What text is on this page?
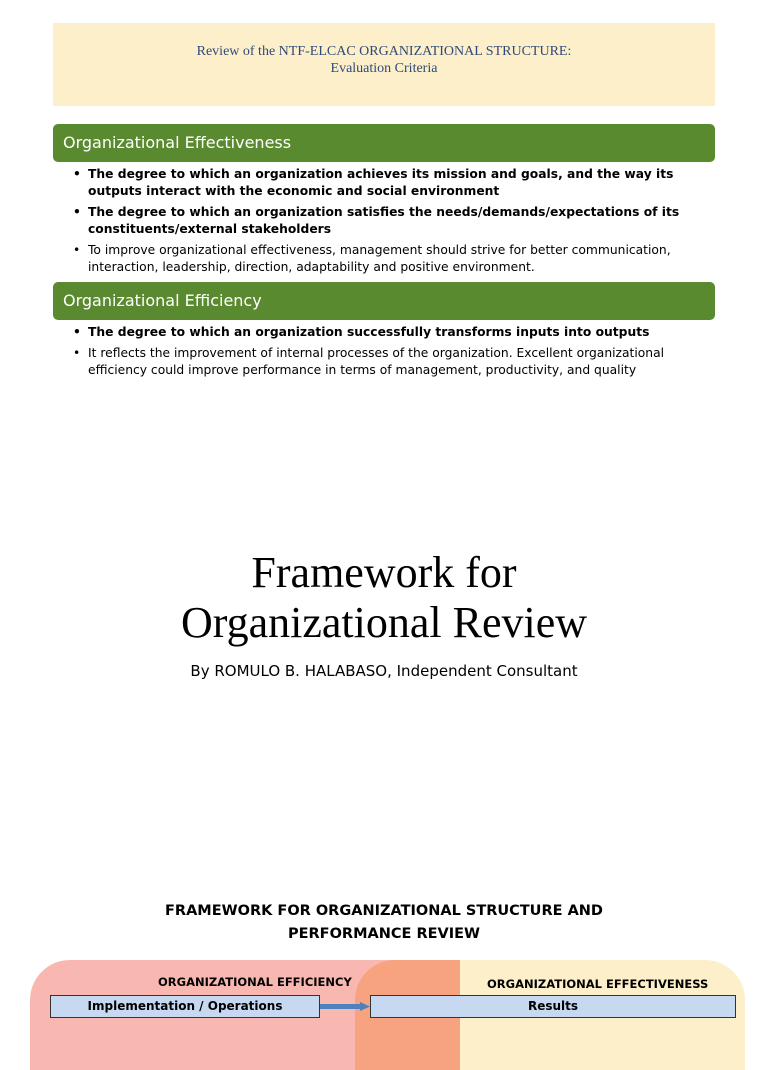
Review of the NTF-ELCAC ORGANIZATIONAL STRUCTURE:
Evaluation Criteria
Organizational Effectiveness
• The degree to which an organization achieves its mission and goals, and the way its outputs interact with the economic and social environment
• The degree to which an organization satisfies the needs/demands/expectations of its constituents/external stakeholders
• To improve organizational effectiveness, management should strive for better communication, interaction, leadership, direction, adaptability and positive environment.
Organizational Efficiency
• The degree to which an organization successfully transforms inputs into outputs
• It reflects the improvement of internal processes of the organization. Excellent organizational efficiency could improve performance in terms of management, productivity, and quality
Framework for
Organizational Review
By ROMULO B. HALABASO, Independent Consultant
FRAMEWORK FOR ORGANIZATIONAL STRUCTURE AND
PERFORMANCE REVIEW
ORGANIZATIONAL EFFICIENCY	ORGANIZATIONAL EFFECTIVENESS
Implementation / Operations	Results
